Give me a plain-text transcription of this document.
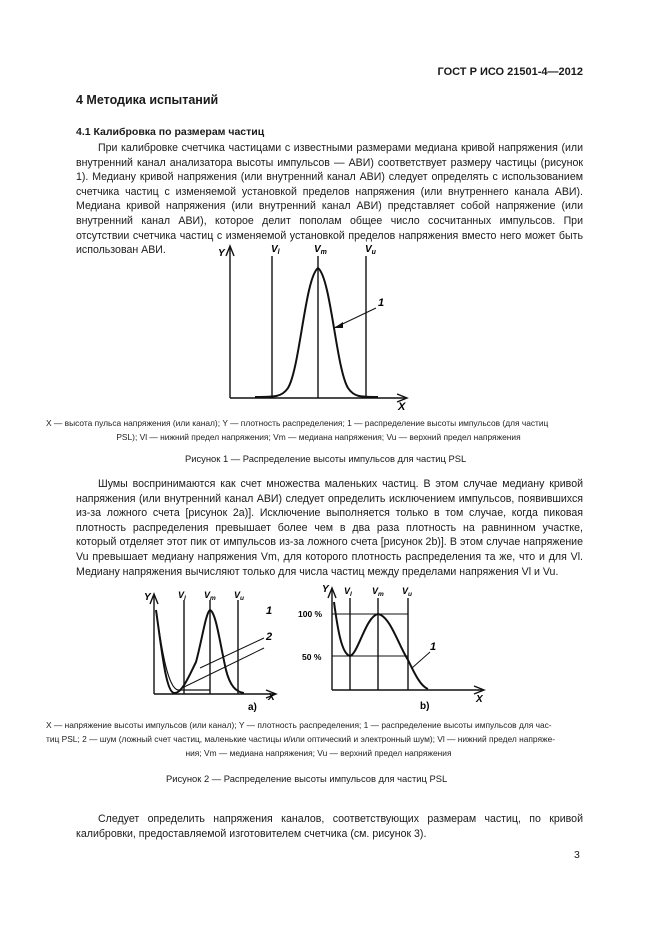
ГОСТ Р ИСО 21501-4—2012
4 Методика испытаний
4.1 Калибровка по размерам частиц
При калибровке счетчика частицами с известными размерами медиана кривой напряжения (или внутренний канал анализатора высоты импульсов — АВИ) соответствует размеру частицы (рисунок 1). Медиану кривой напряжения (или внутренний канал АВИ) следует определять с использованием счетчика частиц с изменяемой установкой пределов напряжения (или внутреннего канала АВИ). Медиана кривой напряжения (или внутренний канал АВИ) представляет собой напряжение (или внутренний канал АВИ), которое делит пополам общее число сосчитанных импульсов. При отсутствии счетчика частиц с изменяемой установкой пределов напряжения вместо него может быть использован АВИ.	Y
X
$V_l$	$V_m$	$V_u$
1
X — высота пульса напряжения (или канал); Y — плотность распределения; 1 — распределение высоты импульсов (для частиц
PSL); Vl — нижний предел напряжения; Vm — медиана напряжения; Vu — верхний предел напряжения
Рисунок 1 — Распределение высоты импульсов для частиц PSL
Шумы воспринимаются как счет множества маленьких частиц. В этом случае медиану кривой напряжения (или внутренний канал АВИ) следует определить исключением импульсов, появившихся из-за ложного счета [рисунок 2а)]. Исключение выполняется только в том случае, когда пиковая плотность распределения превышает более чем в два раза плотность на равнинном участке, который отделяет этот пик от импульсов из-за ложного счета [рисунок 2b)]. В этом случае напряжение Vu превышает медиану напряжения Vm, для которого плотность распределения та же, что и для Vl. Медиану напряжения вычисляют только для числа частиц между пределами напряжения Vl и Vu.
Y
X
$V_l$ $V_m$ $V_u$
1
2
a)
Y
X
$V_l$ $V_m$ $V_u$
100 %
50 %
1
b)
X — напряжение высоты импульсов (или канал); Y — плотность распределения; 1 — распределение высоты импульсов для час-
тиц PSL; 2 — шум (ложный счет частиц, маленькие частицы и/или оптический и электронный шум); Vl — нижний предел напряже-
ния; Vm — медиана напряжения; Vu — верхний предел напряжения
Рисунок 2 — Распределение высоты импульсов для частиц PSL
Следует определить напряжения каналов, соответствующих размерам частиц, по кривой калибровки, предоставляемой изготовителем счетчика (см. рисунок 3).
3
